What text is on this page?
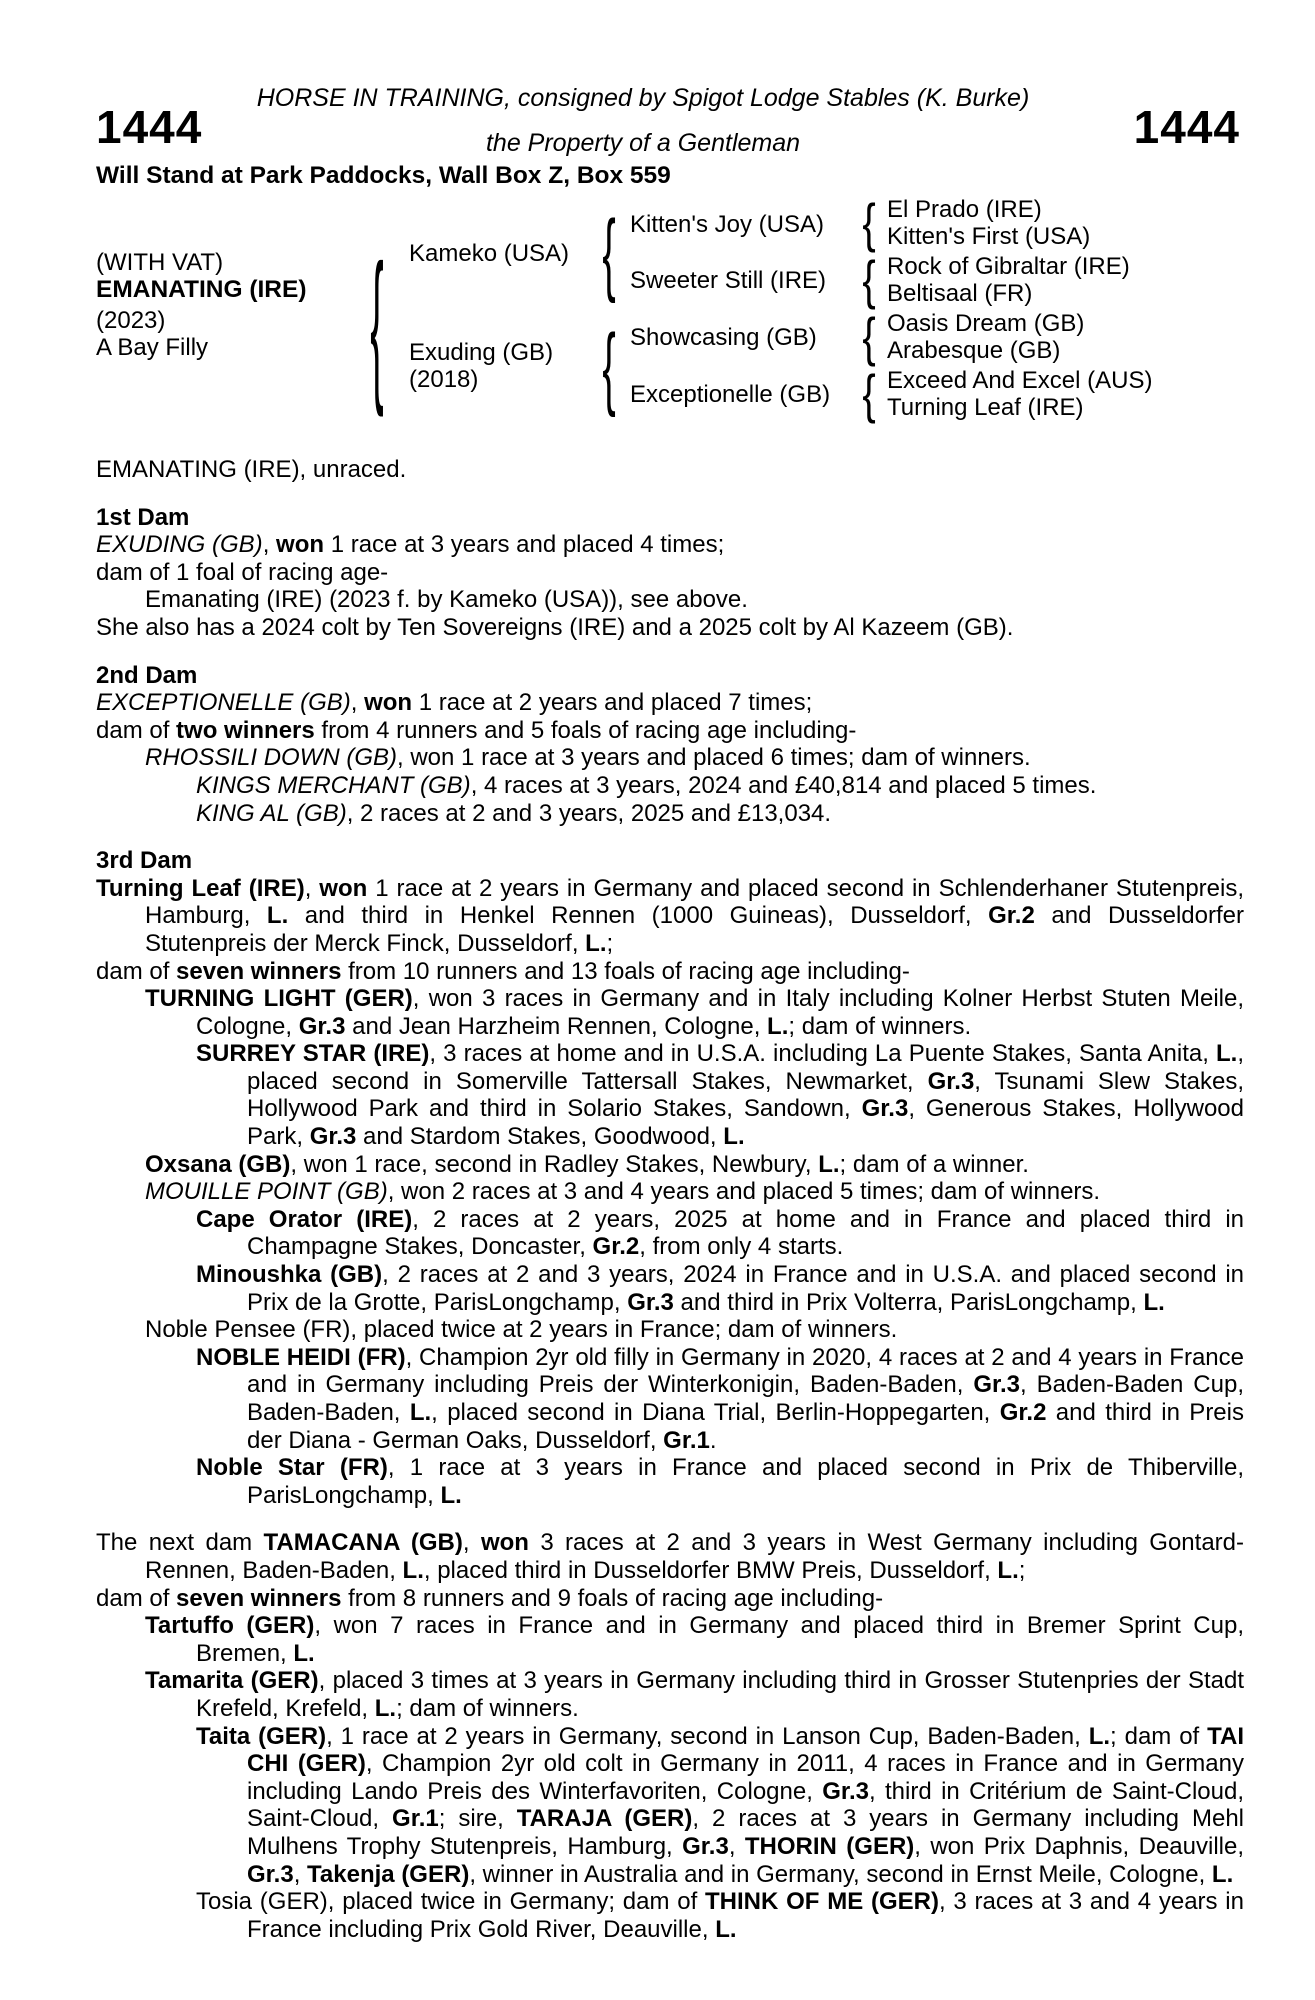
HORSE IN TRAINING, consigned by Spigot Lodge Stables (K. Burke)
1444	1444
the Property of a Gentleman
Will Stand at Park Paddocks, Wall Box Z, Box 559
(WITH VAT)
EMANATING (IRE)
(2023)
A Bay Filly	{ Kameko (USA)
Exuding (GB)
(2018)
{
{
Kitten's Joy (USA)
Sweeter Still (IRE)
Showcasing (GB)
Exceptionelle (GB)
{
{
{
{
El Prado (IRE)
Kitten's First (USA)
Rock of Gibraltar (IRE)
Beltisaal (FR)
Oasis Dream (GB)
Arabesque (GB)
Exceed And Excel (AUS)
Turning Leaf (IRE)

EMANATING (IRE), unraced.

1st Dam

EXUDING (GB), won 1 race at 3 years and placed 4 times;

dam of 1 foal of racing age-

Emanating (IRE) (2023 f. by Kameko (USA)), see above.

She also has a 2024 colt by Ten Sovereigns (IRE) and a 2025 colt by Al Kazeem (GB).

2nd Dam

EXCEPTIONELLE (GB), won 1 race at 2 years and placed 7 times;

dam of two winners from 4 runners and 5 foals of racing age including-

RHOSSILI DOWN (GB), won 1 race at 3 years and placed 6 times; dam of winners.

KINGS MERCHANT (GB), 4 races at 3 years, 2024 and £40,814 and placed 5 times.

KING AL (GB), 2 races at 2 and 3 years, 2025 and £13,034.

3rd Dam

Turning Leaf (IRE), won 1 race at 2 years in Germany and placed second in Schlenderhaner Stutenpreis, Hamburg, L. and third in Henkel Rennen (1000 Guineas), Dusseldorf, Gr.2 and Dusseldorfer Stutenpreis der Merck Finck, Dusseldorf, L.;

dam of seven winners from 10 runners and 13 foals of racing age including-

TURNING LIGHT (GER), won 3 races in Germany and in Italy including Kolner Herbst Stuten Meile, Cologne, Gr.3 and Jean Harzheim Rennen, Cologne, L.; dam of winners.

SURREY STAR (IRE), 3 races at home and in U.S.A. including La Puente Stakes, Santa Anita, L., placed second in Somerville Tattersall Stakes, Newmarket, Gr.3, Tsunami Slew Stakes, Hollywood Park and third in Solario Stakes, Sandown, Gr.3, Generous Stakes, Hollywood Park, Gr.3 and Stardom Stakes, Goodwood, L.

Oxsana (GB), won 1 race, second in Radley Stakes, Newbury, L.; dam of a winner.

MOUILLE POINT (GB), won 2 races at 3 and 4 years and placed 5 times; dam of winners.

Cape Orator (IRE), 2 races at 2 years, 2025 at home and in France and placed third in Champagne Stakes, Doncaster, Gr.2, from only 4 starts.

Minoushka (GB), 2 races at 2 and 3 years, 2024 in France and in U.S.A. and placed second in Prix de la Grotte, ParisLongchamp, Gr.3 and third in Prix Volterra, ParisLongchamp, L.

Noble Pensee (FR), placed twice at 2 years in France; dam of winners.

NOBLE HEIDI (FR), Champion 2yr old filly in Germany in 2020, 4 races at 2 and 4 years in France and in Germany including Preis der Winterkonigin, Baden-Baden, Gr.3, Baden-Baden Cup, Baden-Baden, L., placed second in Diana Trial, Berlin-Hoppegarten, Gr.2 and third in Preis der Diana - German Oaks, Dusseldorf, Gr.1.

Noble Star (FR), 1 race at 3 years in France and placed second in Prix de Thiberville, ParisLongchamp, L.

The next dam TAMACANA (GB), won 3 races at 2 and 3 years in West Germany including Gontard-Rennen, Baden-Baden, L., placed third in Dusseldorfer BMW Preis, Dusseldorf, L.;

dam of seven winners from 8 runners and 9 foals of racing age including-

Tartuffo (GER), won 7 races in France and in Germany and placed third in Bremer Sprint Cup, Bremen, L.

Tamarita (GER), placed 3 times at 3 years in Germany including third in Grosser Stutenpries der Stadt Krefeld, Krefeld, L.; dam of winners.

Taita (GER), 1 race at 2 years in Germany, second in Lanson Cup, Baden-Baden, L.; dam of TAI CHI (GER), Champion 2yr old colt in Germany in 2011, 4 races in France and in Germany including Lando Preis des Winterfavoriten, Cologne, Gr.3, third in Critérium de Saint-Cloud, Saint-Cloud, Gr.1; sire, TARAJA (GER), 2 races at 3 years in Germany including Mehl Mulhens Trophy Stutenpreis, Hamburg, Gr.3, THORIN (GER), won Prix Daphnis, Deauville, Gr.3, Takenja (GER), winner in Australia and in Germany, second in Ernst Meile, Cologne, L.

Tosia (GER), placed twice in Germany; dam of THINK OF ME (GER), 3 races at 3 and 4 years in France including Prix Gold River, Deauville, L.
